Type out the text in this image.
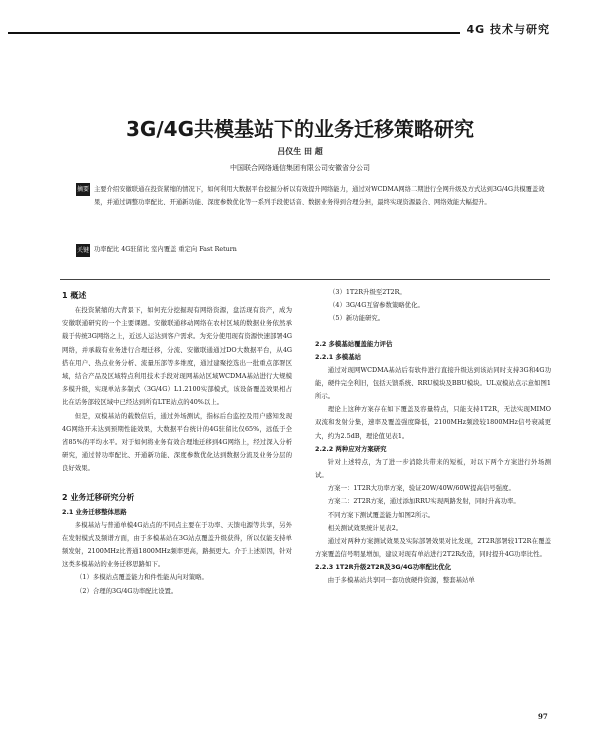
4G 技术与研究
3G/4G共模基站下的业务迁移策略研究
吕仪生 田 超
中国联合网络通信集团有限公司安徽省分公司
摘要 主要介绍安徽联通在投资紧缩的情况下，如何利用大数据平台挖掘分析以有效提升网络能力，通过对WCDMA网络二期进行全网升级及方式达到3G/4G共模覆盖效果，并通过调整功率配比、开通新功能、深度参数优化等一系列手段使话音、数据业务得到合理分担，最终实现资源最合、网络效能大幅提升。

关键词
功率配比 4G驻留比 室内覆盖 重定向 Fast Return
1 概述

在投资紧缩的大背景下，如何充分挖掘现有网络资源，盘活现有资产，成为安徽联通研究的一个主要课题。安徽联通移动网络在农村区域的数据业务依然承载于传统3G网络之上，近远人运达到客户需求。为充分使用现有资源快速部署4G网络，并承载有业务进行合理迁移，分流、安徽联通通过DO大数据平台，从4G搭在用户、热点业务分析、流量压部等多维度，通过建聚挖选出一批重点部署区域，结合产品及区域特点利用技术手段对现网基站区域WCDMA基站进行大规模多模升级，实现单站多制式（3G/4G）L1.2100实部模式，该设备覆盖效果相占比在话务部较区域中已经达到所有LTE站点的40%以上。

但是，双模基站的载数信后，通过外场测试，指标后台监控及用户感知发现4G网络开未达到预期性能效果，大数据平台统计的4G驻留比仅65%，远低于全省85%的平均水平。对于如何将业务有效合理地迁移到4G网络上，经过深入分析研究，通过替功率配比、开通新功能、深度参数优化达到数据分流及业务分层的良好效果。

2 业务迁移研究分析
2.1 业务迁移整体思路

多模基站与普通单模4G站点的不同点主要在于功率、天馈电源等共享，另外在发射模式及频谱方面，由于多模基站在3G站点覆盖升级获得，所以仅能支持单频发射，2100MHz比普通1800MHz频率更高，路损更大。介于上述原因，针对这类多模基站的业务迁移思路如下。

（1）多模站点覆盖能力和件性能从向对策略。
（2）合理的3G/4G功率配比设置。
（3）1T2R升级至2T2R。
（4）3G/4G互留参数策略优化。
（5）新功能研究。
2.2 多模基站覆盖能力评估
2.2.1 多模基站

通过对现网WCDMA基站后有软件进行直接升级达到该站同时支持3G和4G功能，硬件完全利旧，包括天馈系统、RRU模块及BBU模块。UL双模站点示意如图1所示。

理论上这种方案存在如下覆盖及容量特点，只能支持1T2R，无法实现MIMO双流和发射分集，速率及覆盖强度降低，2100MHz频段较1800MHz信号衰减更大，约为2.5dB，理论值见表1。

2.2.2 两种应对方案研究

针对上述特点，为了进一步消除共带来的短板，对以下两个方案进行外场测试。

方案一：1T2R大功率方案，验证20W/40W/60W提高信号强度。

方案二：2T2R方案，通过添加RRU实现两路发射，同时升高功率。

不同方案下测试覆盖能力如图2所示。

相关测试效果统计见表2。

通过对两种方案测试效果及实际部署效果对比发现，2T2R部署较1T2R在覆盖方案覆盖信号明显增加，建议对现有单站进行2T2R改造，同时提升4G功率比性。

2.2.3 1T2R升级2T2R及3G/4G功率配比优化

由于多模基站共享同一套功放硬件资源，整套基站单

97
